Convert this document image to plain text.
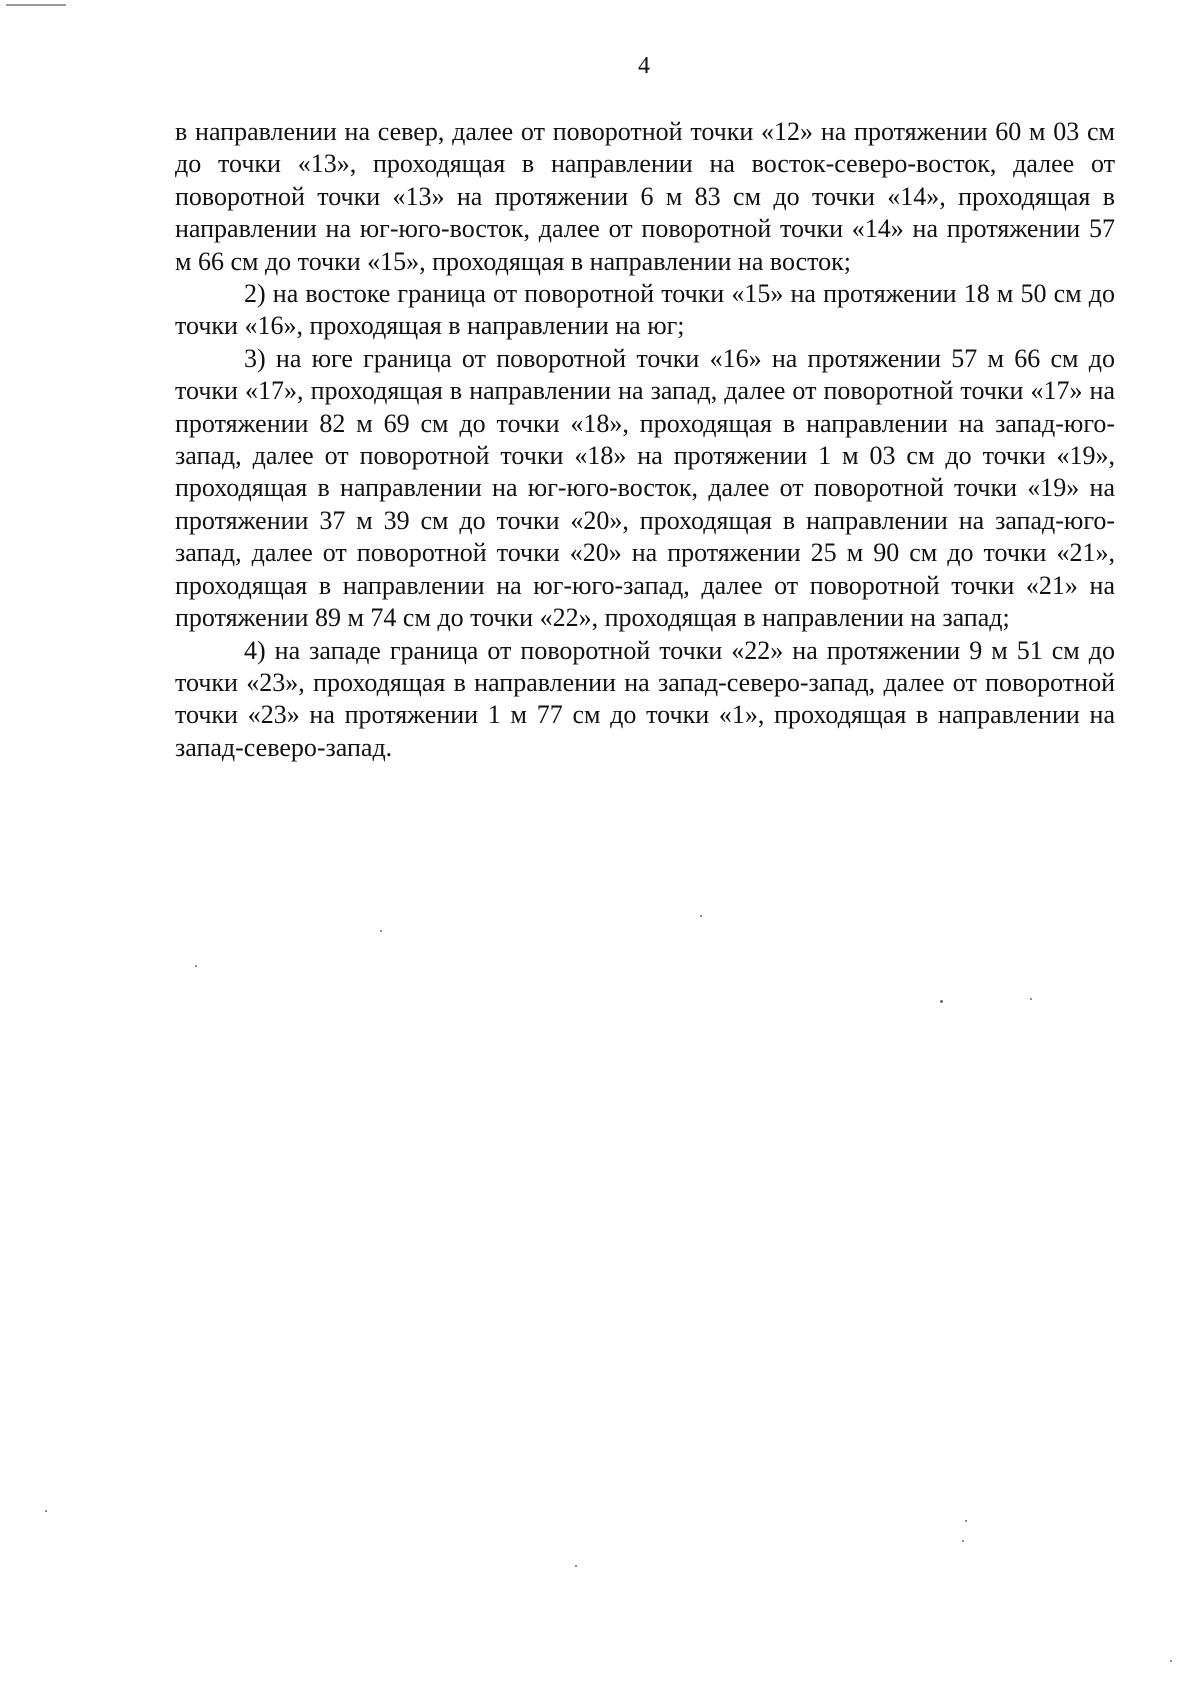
4

в направлении на север, далее от поворотной точки «12» на протяжении 60 м 03 см до точки «13», проходящая в направлении на восток-северо-восток, далее от поворотной точки «13» на протяжении 6 м 83 см до точки «14», проходящая в направлении на юг-юго-восток, далее от поворотной точки «14» на протяжении 57 м 66 см до точки «15», проходящая в направлении на восток;

2) на востоке граница от поворотной точки «15» на протяжении 18 м 50 см до точки «16», проходящая в направлении на юг;

3) на юге граница от поворотной точки «16» на протяжении 57 м 66 см до точки «17», проходящая в направлении на запад, далее от поворотной точки «17» на протяжении 82 м 69 см до точки «18», проходящая в направлении на запад-юго-запад, далее от поворотной точки «18» на протяжении 1 м 03 см до точки «19», проходящая в направлении на юг-юго-восток, далее от поворотной точки «19» на протяжении 37 м 39 см до точки «20», проходящая в направлении на запад-юго-запад, далее от поворотной точки «20» на протяжении 25 м 90 см до точки «21», проходящая в направлении на юг-юго-запад, далее от поворотной точки «21» на протяжении 89 м 74 см до точки «22», проходящая в направлении на запад;

4) на западе граница от поворотной точки «22» на протяжении 9 м 51 см до точки «23», проходящая в направлении на запад-северо-запад, далее от поворотной точки «23» на протяжении 1 м 77 см до точки «1», проходящая в направлении на запад-северо-запад.
